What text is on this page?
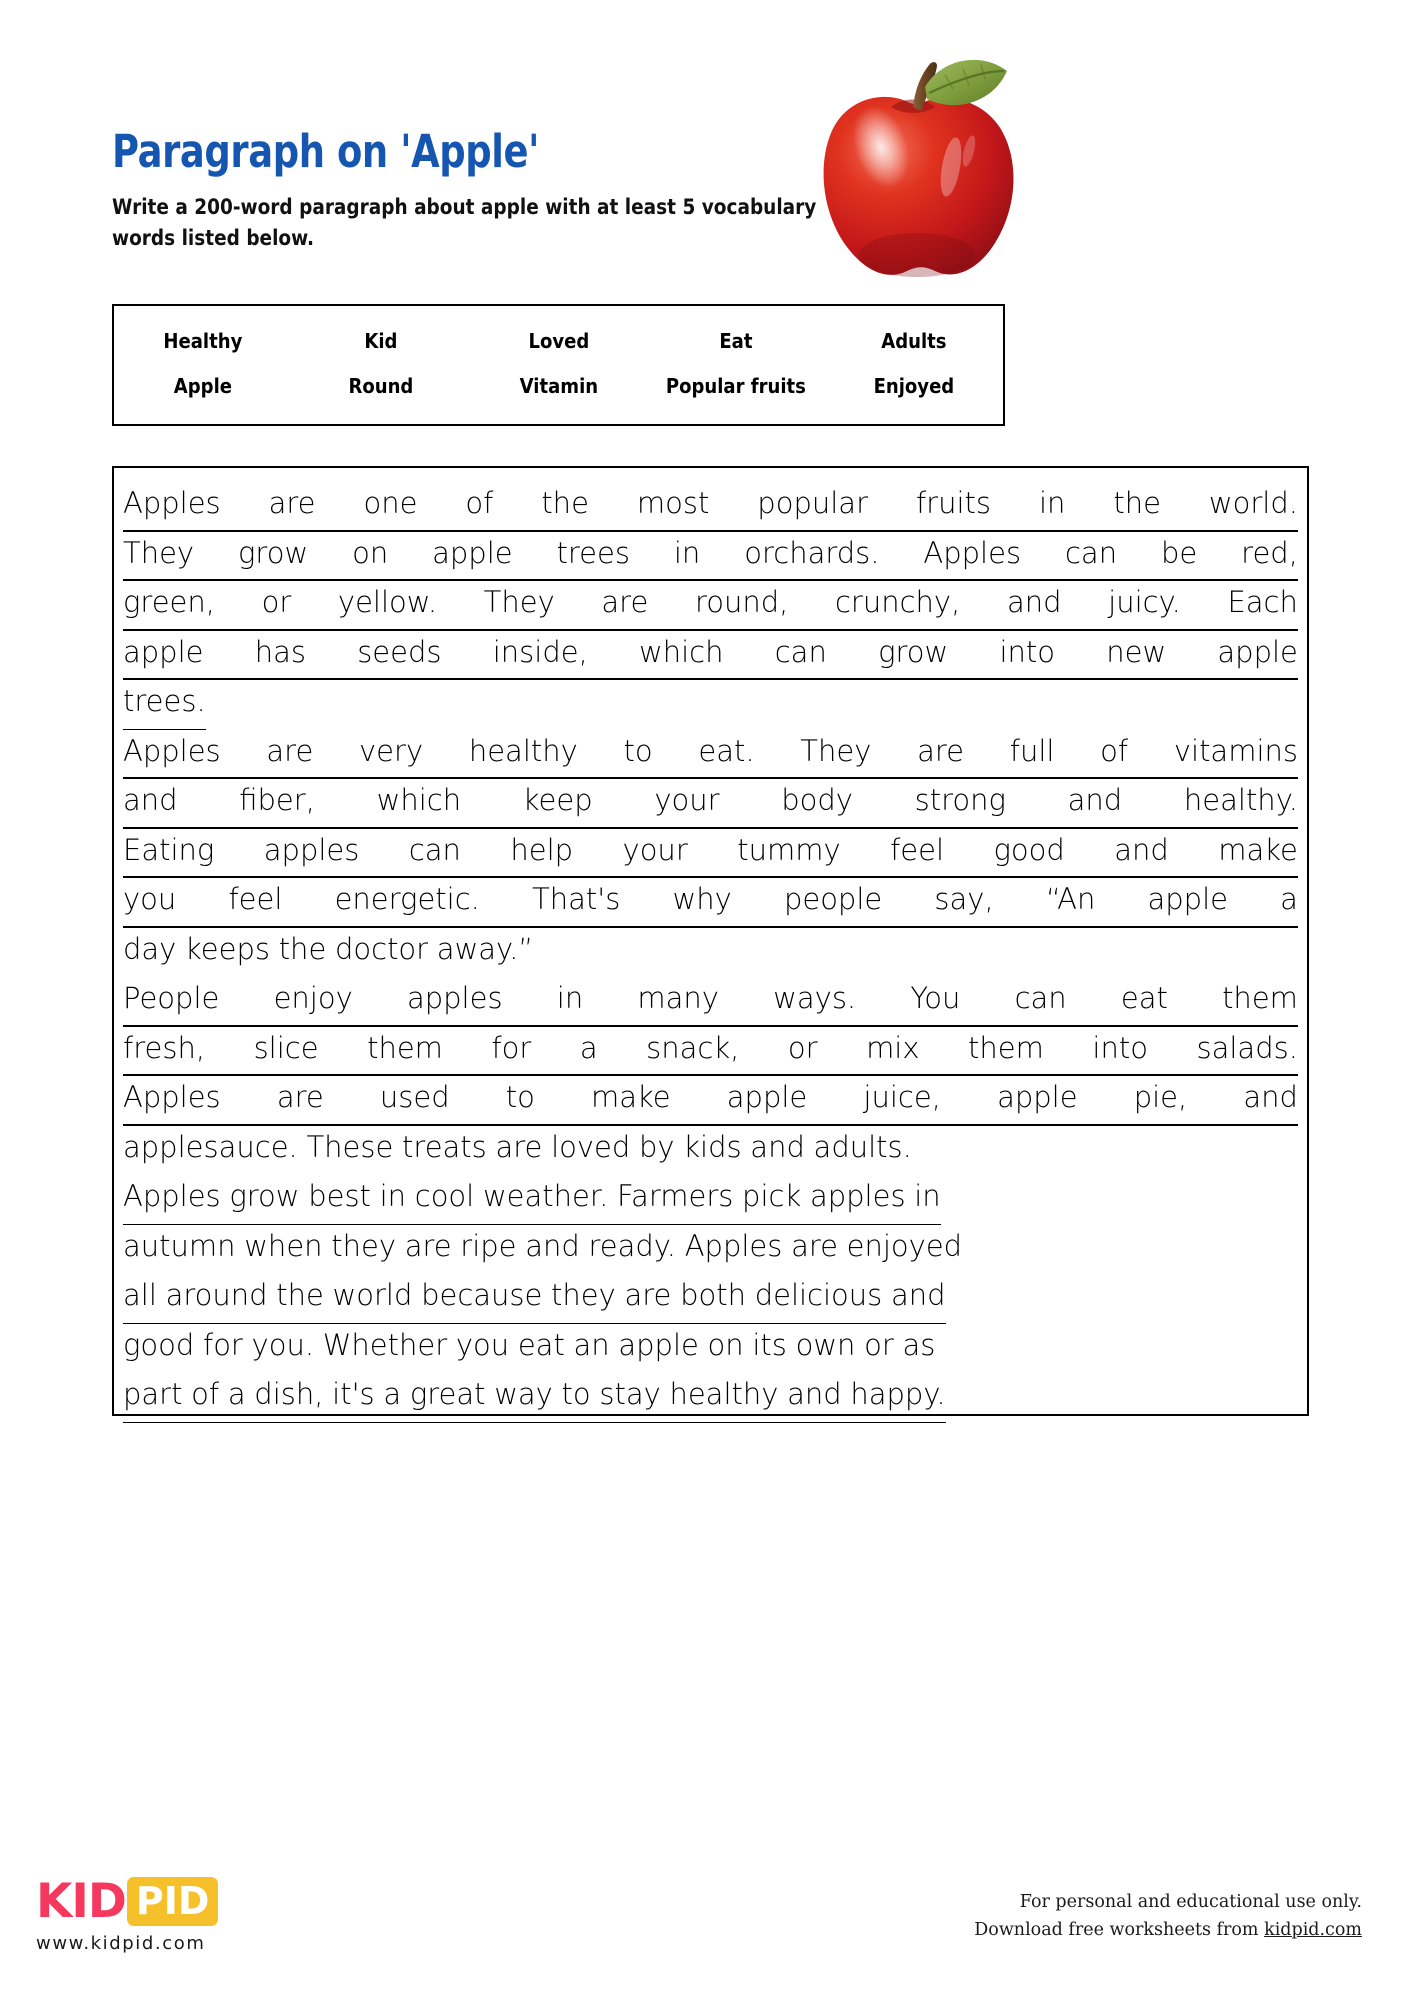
Paragraph on 'Apple'
Write a 200-word paragraph about apple with at least 5 vocabulary words listed below.
Healthy	Kid	Loved	Eat	Adults
Apple	Round	Vitamin	Popular fruits	Enjoyed
Apples are one of the most popular fruits in the world.
They grow on apple trees in orchards. Apples can be red,
green, or yellow. They are round, crunchy, and juicy. Each
apple has seeds inside, which can grow into new apple
trees.
Apples are very healthy to eat. They are full of vitamins
and fiber, which keep your body strong and healthy.
Eating apples can help your tummy feel good and make
you feel energetic. That's why people say, “An apple a
day keeps the doctor away.”
People enjoy apples in many ways. You can eat them
fresh, slice them for a snack, or mix them into salads.
Apples are used to make apple juice, apple pie, and
applesauce. These treats are loved by kids and adults.
Apples grow best in cool weather. Farmers pick apples in
autumn when they are ripe and ready. Apples are enjoyed
all around the world because they are both delicious and
good for you. Whether you eat an apple on its own or as
part of a dish, it's a great way to stay healthy and happy.
KID PID
www.kidpid.com
For personal and educational use only.
Download free worksheets from kidpid.com
